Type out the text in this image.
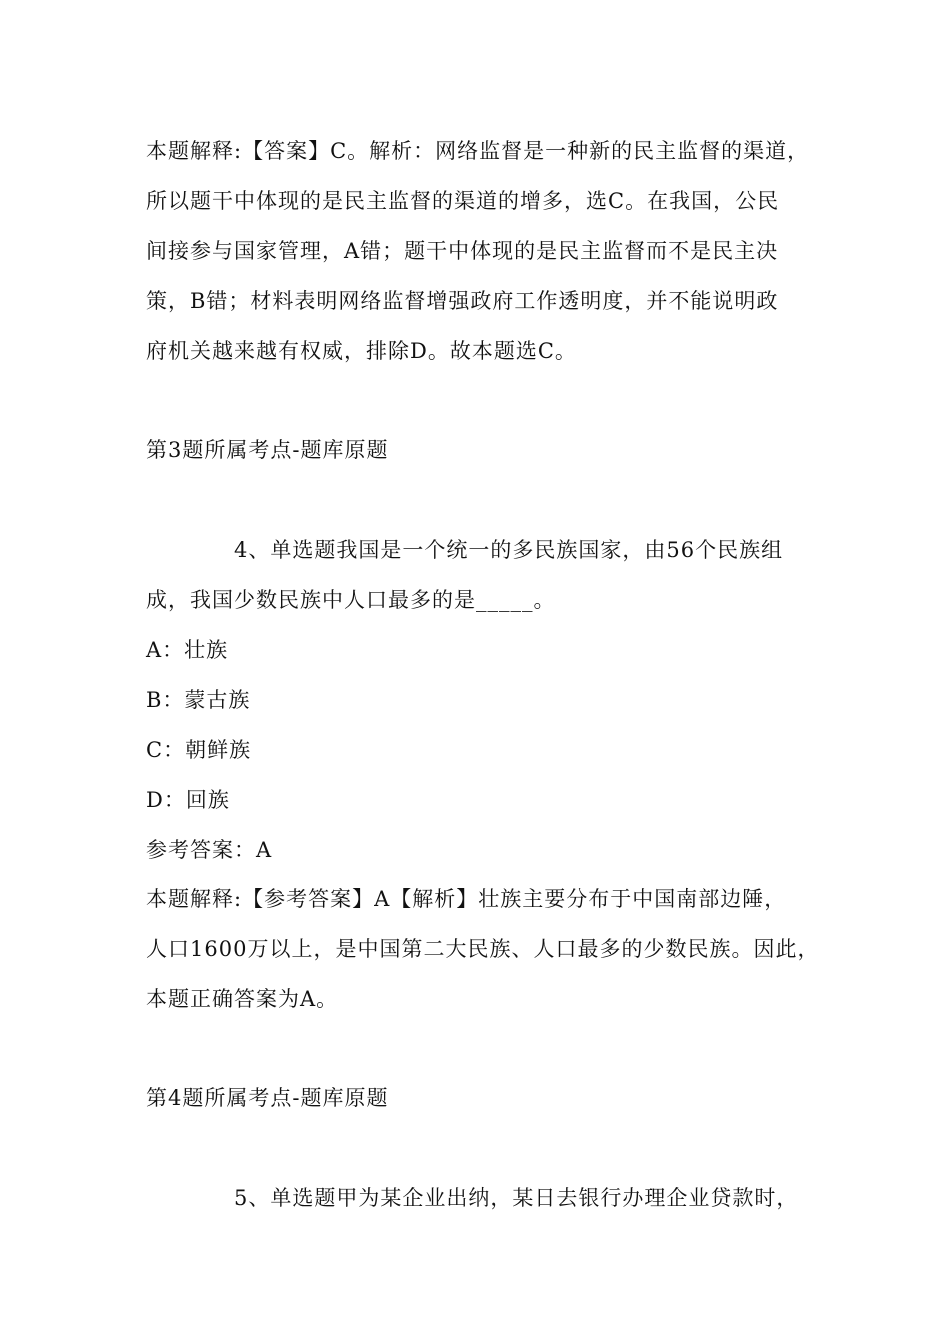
本题解释:【答案】C。解析：网络监督是一种新的民主监督的渠道，
所以题干中体现的是民主监督的渠道的增多，选C。在我国，公民
间接参与国家管理，A错；题干中体现的是民主监督而不是民主决
策，B错；材料表明网络监督增强政府工作透明度，并不能说明政
府机关越来越有权威，排除D。故本题选C。
第3题所属考点-题库原题
4、单选题我国是一个统一的多民族国家，由56个民族组
成，我国少数民族中人口最多的是_____。
A：壮族
B：蒙古族
C：朝鲜族
D：回族
参考答案：A
本题解释:【参考答案】A【解析】壮族主要分布于中国南部边陲，
人口1600万以上，是中国第二大民族、人口最多的少数民族。因此，
本题正确答案为A。
第4题所属考点-题库原题
5、单选题甲为某企业出纳，某日去银行办理企业贷款时，
